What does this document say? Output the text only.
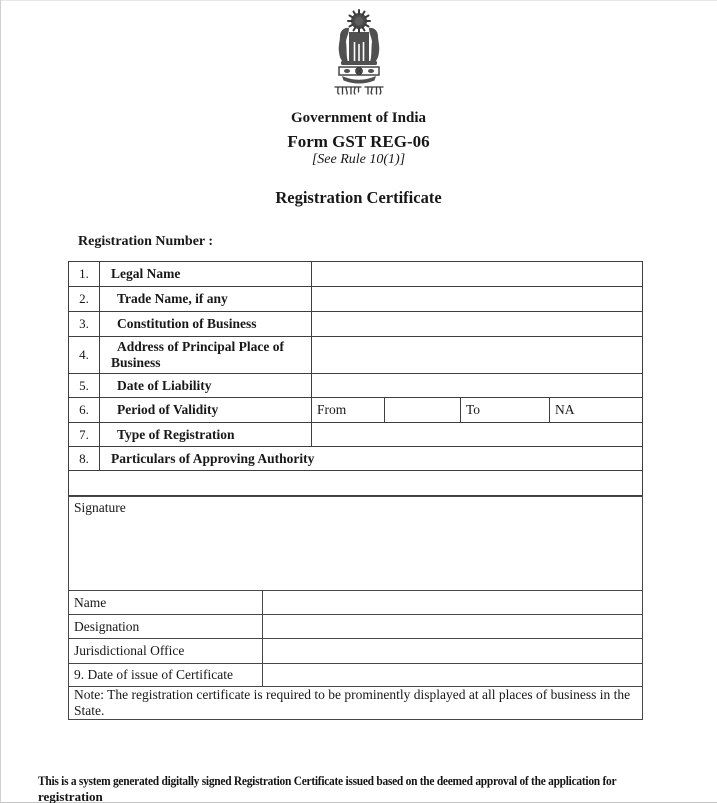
Government of India
Form GST REG-06
[See Rule 10(1)]
Registration Certificate
Registration Number :
1.	Legal Name				
2.	Trade Name, if any				
3.	Constitution of Business				
4.	Address of Principal Place of Business				
5.	Date of Liability				
6.	Period of Validity	From		To	NA
7.	Type of Registration				
8.	Particulars of Approving Authority				

Signature	
Name	
Designation	
Jurisdictional Office	
9. Date of issue of Certificate	
Note: The registration certificate is required to be prominently displayed at all places of business in the State.	
This is a system generated digitally signed Registration Certificate issued based on the deemed approval of the application for
registration
